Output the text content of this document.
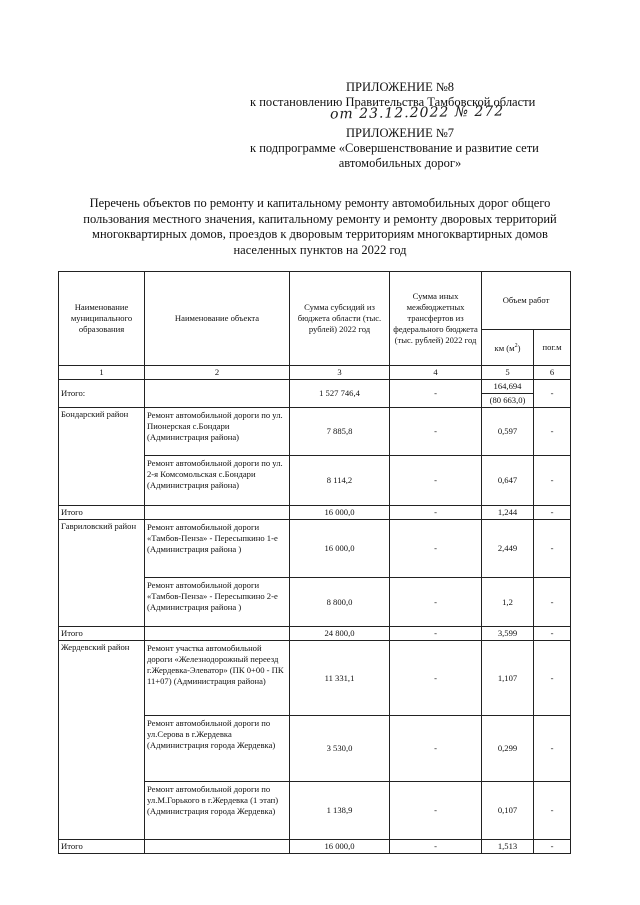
ПРИЛОЖЕНИЕ №8
к постановлению Правительства Тамбовской области
от 23.12.2022 № 272
ПРИЛОЖЕНИЕ №7
к подпрограмме «Совершенствование и развитие сети
автомобильных дорог»
Перечень объектов по ремонту и капитальному ремонту автомобильных дорог общего
пользования местного значения, капитальному ремонту и ремонту дворовых территорий
многоквартирных домов, проездов к дворовым территориям многоквартирных домов
населенных пунктов на 2022 год
Наименование муниципального образования	Наименование объекта	Сумма субсидий из бюджета области (тыс. рублей) 2022 год	Сумма иных межбюджетных трансфертов из федерального бюджета (тыс. рублей) 2022 год	Объем работ	
				км $(м^2)$	пог.м
1	2	3	4	5	6
Итого:		1 527 746,4	-	164,694	-
				(80 663,0)	
Бондарский район	Ремонт автомобильной дороги по ул. Пионерская с.Бондари (Администрация района)	7 885,8	-	0,597	-
	Ремонт автомобильной дороги по ул. 2-я Комсомольская с.Бондари (Администрация района)	8 114,2	-	0,647	-
Итого		16 000,0	-	1,244	-
Гавриловский район	Ремонт автомобильной дороги «Тамбов-Пенза» - Пересыпкино 1-е (Администрация района )	16 000,0	-	2,449	-
	Ремонт автомобильной дороги «Тамбов-Пенза» - Пересыпкино 2-е (Администрация района )	8 800,0	-	1,2	-
Итого		24 800,0	-	3,599	-
Жердевский район	Ремонт участка автомобильной дороги «Железнодорожный переезд г.Жердевка-Элеватор» (ПК 0+00 - ПК 11+07) (Администрация района)	11 331,1	-	1,107	-
	Ремонт автомобильной дороги по ул.Серова в г.Жердевка (Администрация города Жердевка)	3 530,0	-	0,299	-
	Ремонт автомобильной дороги по ул.М.Горького в г.Жердевка (1 этап) (Администрация города Жердевка)	1 138,9	-	0,107	-
Итого		16 000,0	-	1,513	-
